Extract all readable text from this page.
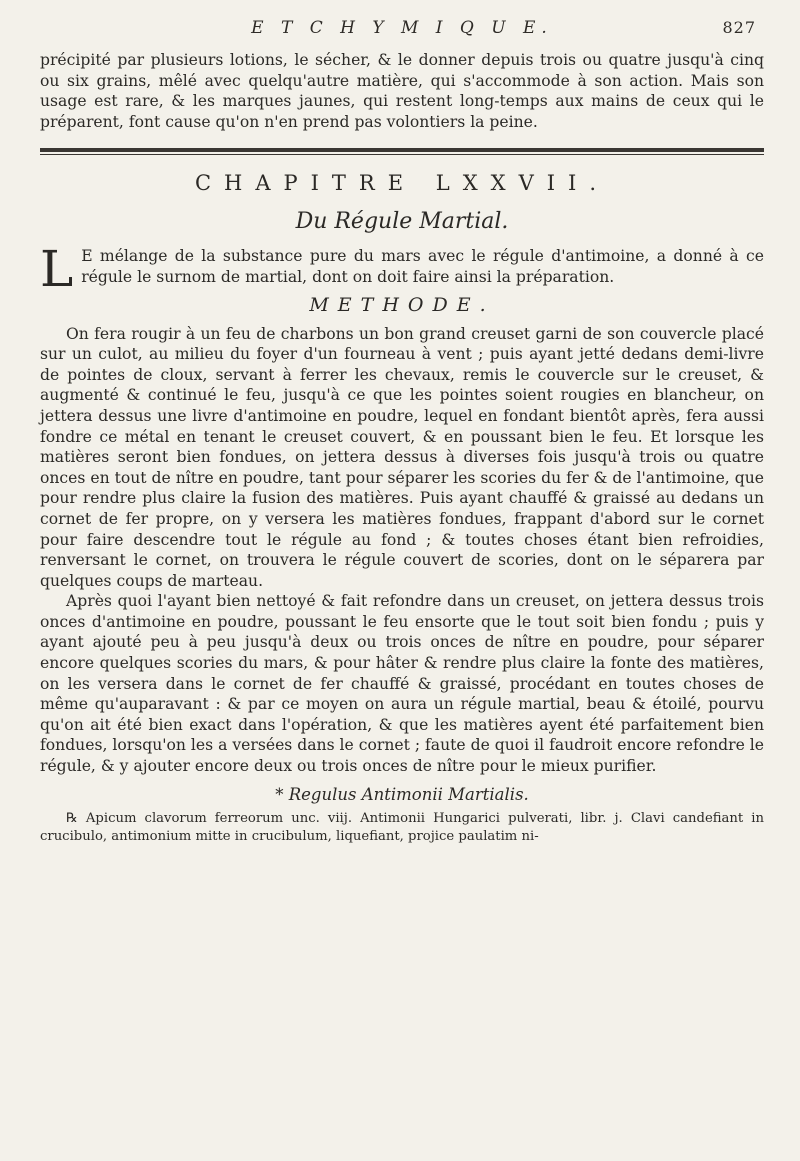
E T C H Y M I Q U E.	827

précipité par plusieurs lotions, le sécher, & le donner depuis trois ou quatre jusqu'à cinq ou six grains, mêlé avec quelqu'autre matière, qui s'accommode à son action. Mais son usage est rare, & les marques jaunes, qui restent long-temps aux mains de ceux qui le préparent, font cause qu'on n'en prend pas volontiers la peine.

CHAPITRE LXXVII.
Du Régule Martial.

L E mélange de la substance pure du mars avec le régule d'antimoine, a donné à ce régule le surnom de martial, dont on doit faire ainsi la préparation.

METHODE.

On fera rougir à un feu de charbons un bon grand creuset garni de son couvercle placé sur un culot, au milieu du foyer d'un fourneau à vent ; puis ayant jetté dedans demi-livre de pointes de cloux, servant à ferrer les chevaux, remis le couvercle sur le creuset, & augmenté & continué le feu, jusqu'à ce que les pointes soient rougies en blancheur, on jettera dessus une livre d'antimoine en poudre, lequel en fondant bientôt après, fera aussi fondre ce métal en tenant le creuset couvert, & en poussant bien le feu. Et lorsque les matières seront bien fondues, on jettera dessus à diverses fois jusqu'à trois ou quatre onces en tout de nître en poudre, tant pour séparer les scories du fer & de l'antimoine, que pour rendre plus claire la fusion des matières. Puis ayant chauffé & graissé au dedans un cornet de fer propre, on y versera les matières fondues, frappant d'abord sur le cornet pour faire descendre tout le régule au fond ; & toutes choses étant bien refroidies, renversant le cornet, on trouvera le régule couvert de scories, dont on le séparera par quelques coups de marteau.

Après quoi l'ayant bien nettoyé & fait refondre dans un creuset, on jettera dessus trois onces d'antimoine en poudre, poussant le feu ensorte que le tout soit bien fondu ; puis y ayant ajouté peu à peu jusqu'à deux ou trois onces de nître en poudre, pour séparer encore quelques scories du mars, & pour hâter & rendre plus claire la fonte des matières, on les versera dans le cornet de fer chauffé & graissé, procédant en toutes choses de même qu'auparavant : & par ce moyen on aura un régule martial, beau & étoilé, pourvu qu'on ait été bien exact dans l'opération, & que les matières ayent été parfaitement bien fondues, lorsqu'on les a versées dans le cornet ; faute de quoi il faudroit encore refondre le régule, & y ajouter encore deux ou trois onces de nître pour le mieux purifier.

* Regulus Antimonii Martialis.

℞ Apicum clavorum ferreorum unc. viij. Antimonii Hungarici pulverati, libr. j. Clavi candefiant in crucibulo, antimonium mitte in crucibulum, liquefiant, projice paulatim ni-
